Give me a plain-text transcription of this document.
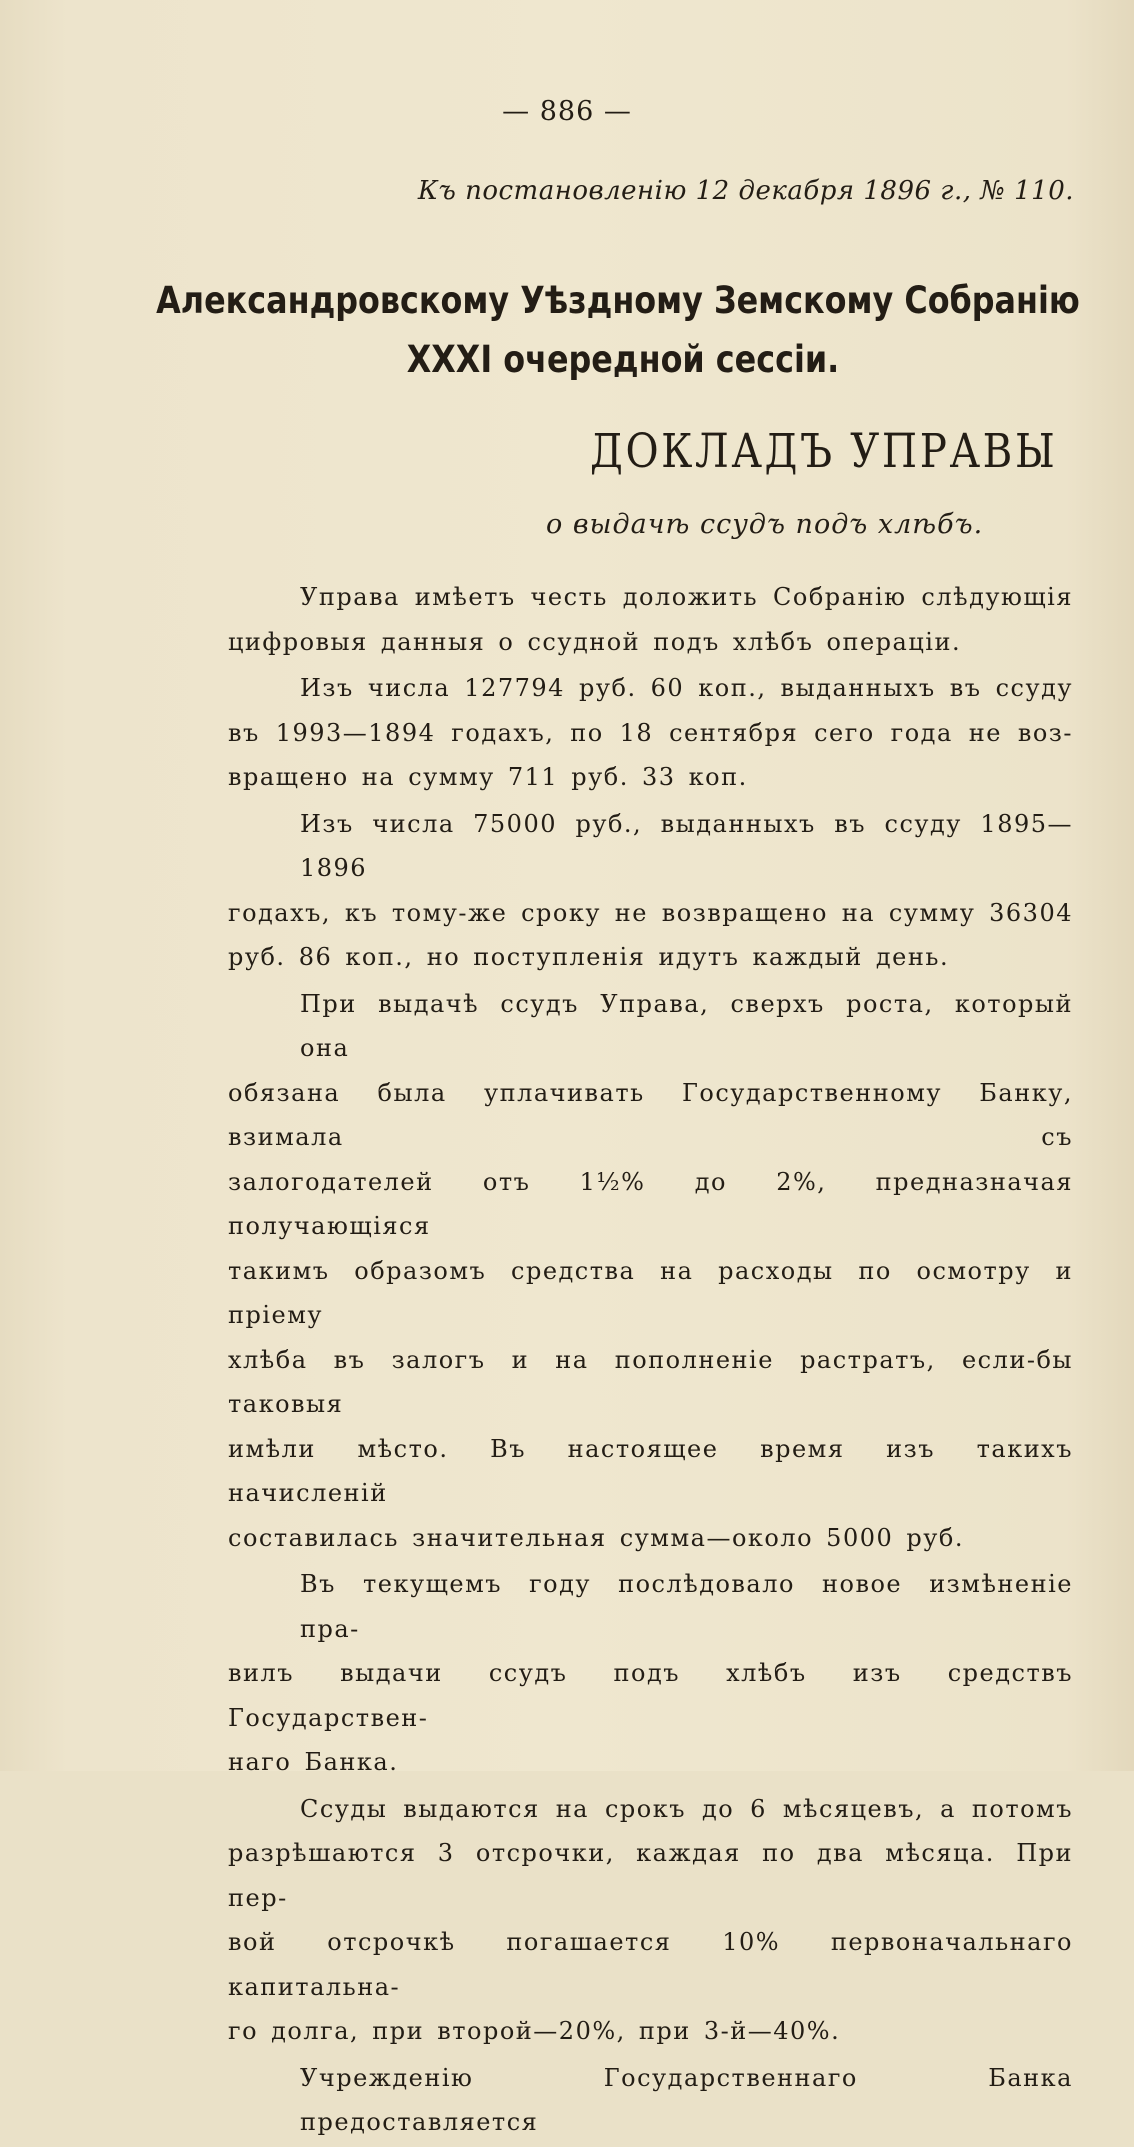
— 886 —
Къ постановленію 12 декабря 1896 г., № 110.
Александровскому Уѣздному Земскому Собранію
XXXI очередной сессіи.
ДОКЛАДЪ УПРАВЫ
о выдачѣ ссудъ подъ хлѣбъ.
Управа имѣетъ честь доложить Собранію слѣдующія
цифровыя данныя о ссудной подъ хлѣбъ операціи.
Изъ числа 127794 руб. 60 коп., выданныхъ въ ссуду
въ 1993—1894 годахъ, по 18 сентября сего года не воз-
вращено на сумму 711 руб. 33 коп.
Изъ числа 75000 руб., выданныхъ въ ссуду 1895—1896
годахъ, къ тому-же сроку не возвращено на сумму 36304
руб. 86 коп., но поступленія идутъ каждый день.
При выдачѣ ссудъ Управа, сверхъ роста, который она
обязана была уплачивать Государственному Банку, взимала съ
залогодателей отъ 1½% до 2%, предназначая получающіяся
такимъ образомъ средства на расходы по осмотру и пріему
хлѣба въ залогъ и на пополненіе растратъ, если-бы таковыя
имѣли мѣсто. Въ настоящее время изъ такихъ начисленій
составилась значительная сумма—около 5000 руб.
Въ текущемъ году послѣдовало новое измѣненіе пра-
вилъ выдачи ссудъ подъ хлѣбъ изъ средствъ Государствен-
наго Банка.
Ссуды выдаются на срокъ до 6 мѣсяцевъ, а потомъ
разрѣшаются 3 отсрочки, каждая по два мѣсяца. При пер-
вой отсрочкѣ погашается 10% первоначальнаго капитальна-
го долга, при второй—20%, при 3-й—40%.
Учрежденію Государственнаго Банка предоставляется
